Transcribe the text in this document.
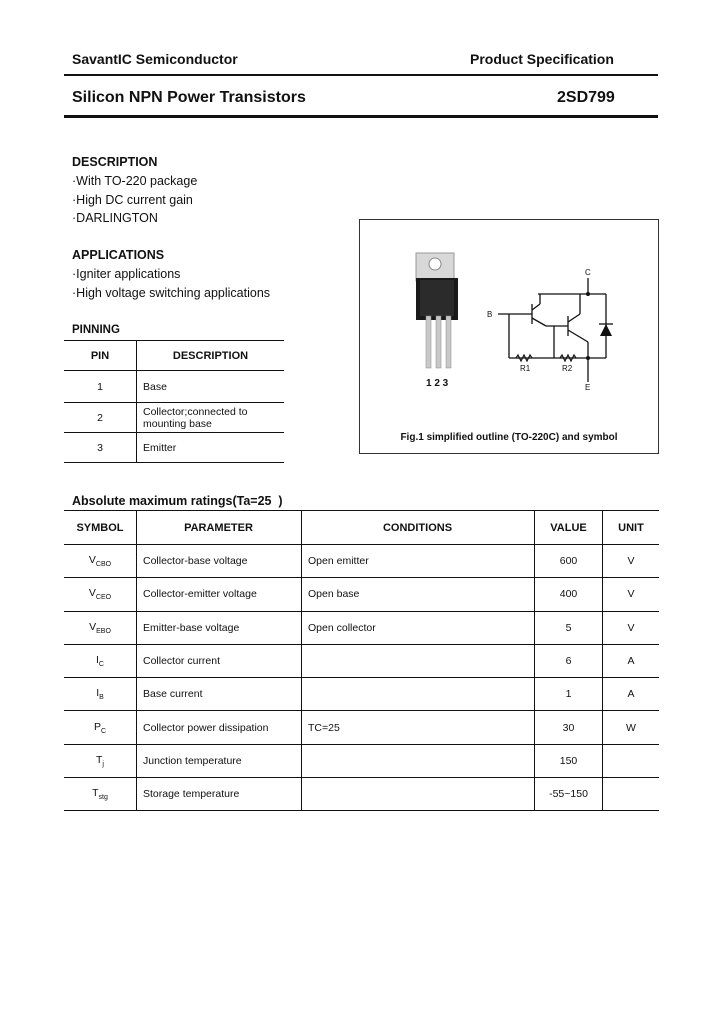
SavantIC Semiconductor	Product Specification
Silicon NPN Power Transistors	2SD799
DESCRIPTION
·With TO-220 package
·High DC current gain
·DARLINGTON
APPLICATIONS
·Igniter applications
·High voltage switching applications
PINNING
PIN	DESCRIPTION
1	Base
2	Collector;connected to mounting base
3	Emitter
C
B
E
R1	R2
1 2 3
Fig.1 simplified outline (TO-220C) and symbol
Absolute maximum ratings(Ta=25  )
SYMBOL	PARAMETER	CONDITIONS	VALUE	UNIT
$V_{CBO}$	Collector-base voltage	Open emitter	600	V
$V_{CEO}$	Collector-emitter voltage	Open base	400	V
$V_{EBO}$	Emitter-base voltage	Open collector	5	V
$I_C$	Collector current		6	A
$I_B$	Base current		1	A
$P_C$	Collector power dissipation	TC=25	30	W
$T_j$	Junction temperature		150	
$T_{stg}$	Storage temperature		-55~150	
